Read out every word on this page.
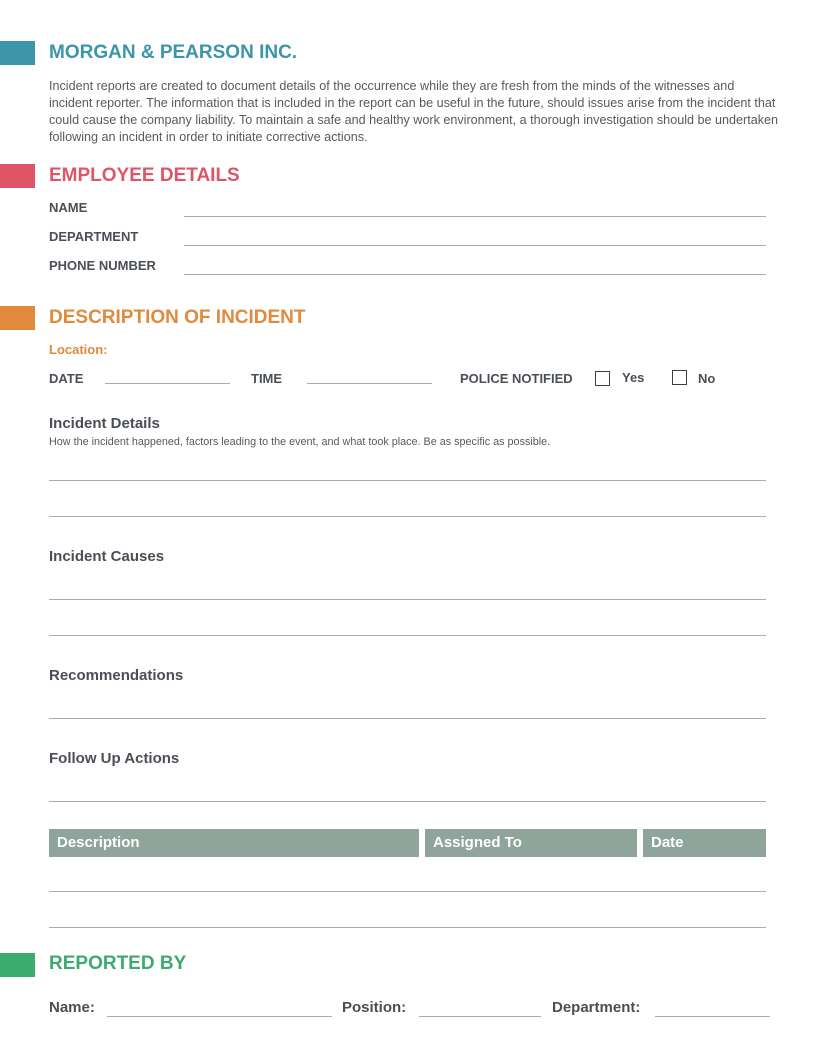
MORGAN & PEARSON INC.
Incident reports are created to document details of the occurrence while they are fresh from the minds of the witnesses and incident reporter. The information that is included in the report can be useful in the future, should issues arise from the incident that could cause the company liability. To maintain a safe and healthy work environment, a thorough investigation should be undertaken following an incident in order to initiate corrective actions.
EMPLOYEE DETAILS
NAME
DEPARTMENT
PHONE NUMBER
DESCRIPTION OF INCIDENT
Location:
DATE	TIME	POLICE NOTIFIED	Yes	No
Incident Details
How the incident happened, factors leading to the event, and what took place. Be as specific as possible.
Incident Causes
Recommendations
Follow Up Actions
Description	Assigned To	Date
REPORTED BY
Name:	Position:	Department:
